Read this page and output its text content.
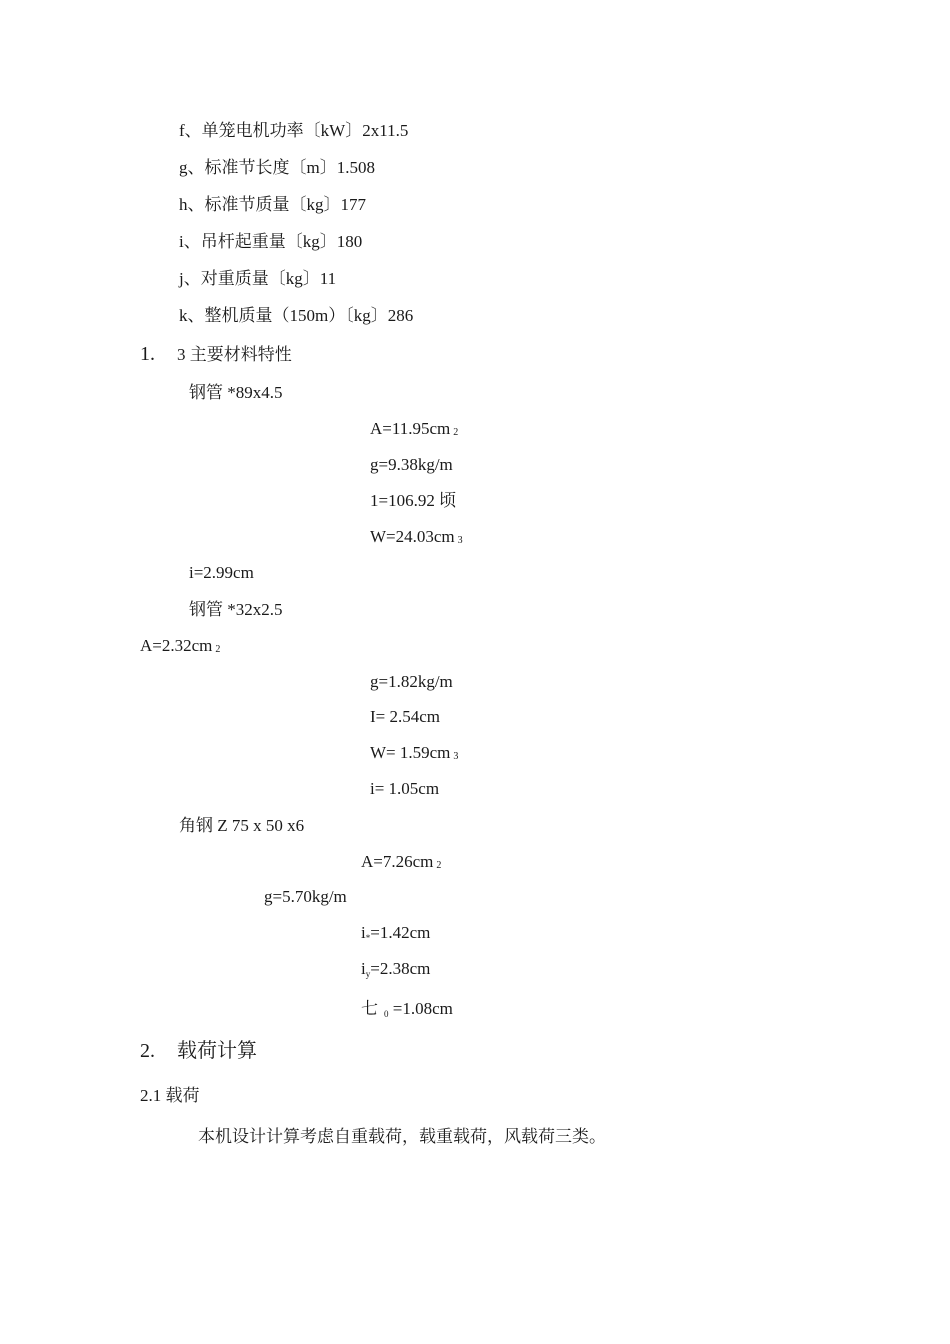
f、单笼电机功率〔kW〕2x11.5
g、标准节长度〔m〕1.508
h、标准节质量〔kg〕177
i、吊杆起重量〔kg〕180
j、对重质量〔kg〕11
k、整机质量（150m）〔kg〕286
1. 3 主要材料特性
钢管 *89x4.5
A=11.95cm 2
g=9.38kg/m
1=106.92 顷
W=24.03cm 3
i=2.99cm
钢管 *32x2.5
A=2.32cm 2
g=1.82kg/m
I= 2.54cm
W= 1.59cm 3
i= 1.05cm
角钢 Z 75 x 50 x6
A=7.26cm 2
g=5.70kg/m
i*=1.42cm
iy=2.38cm
七 0 =1.08cm
2. 载荷计算
2.1 载荷
本机设计计算考虑自重载荷，载重载荷，风载荷三类。
